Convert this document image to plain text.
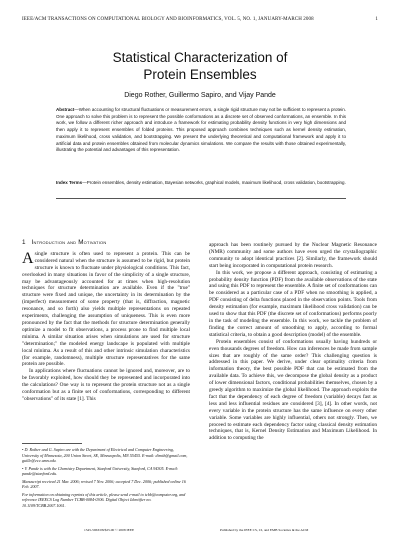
IEEE/ACM TRANSACTIONS ON COMPUTATIONAL BIOLOGY AND BIOINFORMATICS, VOL. 5, NO. 1, JANUARY-MARCH 2008	1
Statistical Characterization of
Protein Ensembles
Diego Rother, Guillermo Sapiro, and Vijay Pande
Abstract—When accounting for structural fluctuations or measurement errors, a single rigid structure may not be sufficient to represent a protein. One approach to solve this problem is to represent the possible conformations as a discrete set of observed conformations, an ensemble. In this work, we follow a different richer approach and introduce a framework for estimating probability density functions in very high dimensions and then apply it to represent ensembles of folded proteins. This proposed approach combines techniques such as kernel density estimation, maximum likelihood, cross validation, and bootstrapping. We present the underlying theoretical and computational framework and apply it to artificial data and protein ensembles obtained from molecular dynamics simulations. We compare the results with those obtained experimentally, illustrating the potential and advantages of this representation.
Index Terms—Protein ensembles, density estimation, Bayesian networks, graphical models, maximum likelihood, cross validation, bootstrapping.
1 Introduction and Motivation

Asingle structure is often used to represent a protein. This can be considered natural when the structure is assumed to be rigid, but protein structure is known to fluctuate under physiological conditions. This fact, overlooked in many situations in favor of the simplicity of a single structure, may be advantageously accounted for at times when high-resolution techniques for structure determination are available. Even if the "true" structure were fixed and unique, the uncertainty in its determination by the (imperfect) measurement of some property (that is, diffraction, magnetic resonance, and so forth) also yields multiple representations on repeated experiments, challenging the assumption of uniqueness. This is even more pronounced by the fact that the methods for structure determination generally optimize a model to fit observations, a process prone to find multiple local minima. A similar situation arises when simulations are used for structure "determination;" the modeled energy landscape is populated with multiple local minima. As a result of this and other intrinsic simulation characteristics (for example, randomness), multiple structure representatives for the same protein are possible.

In applications where fluctuations cannot be ignored and, moreover, are to be favorably exploited, how should they be represented and incorporated into the calculations? One way is to represent the protein structure not as a single conformation but as a finite set of conformations, corresponding to different "observations" of its state [1]. This

• D. Rother and G. Sapiro are with the Department of Electrical and Computer Engineering, University of Minnesota, 200 Union Street, SE, Minneapolis, MN 55455. E-mail: diroth@gmail.com, guille@ece.umn.edu.

• V. Pande is with the Chemistry Department, Stanford University, Stanford, CA 94305. E-mail: pande@stanford.edu.

Manuscript received 21 Mar. 2006; revised 7 Nov. 2006; accepted 7 Dec. 2006; published online 16 Feb. 2007.

For information on obtaining reprints of this article, please send e-mail to tcbb@computer.org, and reference IEEECS Log Number TCBB-0084-0306. Digital Object Identifier no. 10.1109/TCBB.2007.1061.

approach has been routinely pursued by the Nuclear Magnetic Resonance (NMR) community and some authors have even urged the crystallographic community to adopt identical practices [2]. Similarly, the framework should start being incorporated in computational protein research.

In this work, we propose a different approach, consisting of estimating a probability density function (PDF) from the available observations of the state and using this PDF to represent the ensemble. A finite set of conformations can be considered as a particular case of a PDF when no smoothing is applied, a PDF consisting of delta functions placed in the observation points. Tools from density estimation (for example, maximum likelihood cross validation) can be used to show that this PDF (the discrete set of conformations) performs poorly in the task of modeling the ensemble. In this work, we tackle the problem of finding the correct amount of smoothing to apply, according to formal statistical criteria, to obtain a good description (model) of the ensemble.

Protein ensembles consist of conformations usually having hundreds or even thousands degrees of freedom. How can inferences be made from sample sizes that are roughly of the same order? This challenging question is addressed in this paper. We derive, under clear optimality criteria from information theory, the best possible PDF that can be estimated from the available data. To achieve this, we decompose the global density as a product of lower dimensional factors, conditional probabilities themselves, chosen by a greedy algorithm to maximize the global likelihood. The approach exploits the fact that the dependency of each degree of freedom (variable) decays fast as less and less influential residues are considered [3], [4]. In other words, not every variable in the protein structure has the same influence on every other variable. Some variables are highly influential, others not strongly. Then, we proceed to estimate each dependency factor using classical density estimation techniques, that is, Kernel Density Estimation and Maximum Likelihood. In addition to computing the

1545-5963/08/$25.00 © 2008 IEEE	Published by the IEEE CS, CI, and EMB Societies & the ACM
